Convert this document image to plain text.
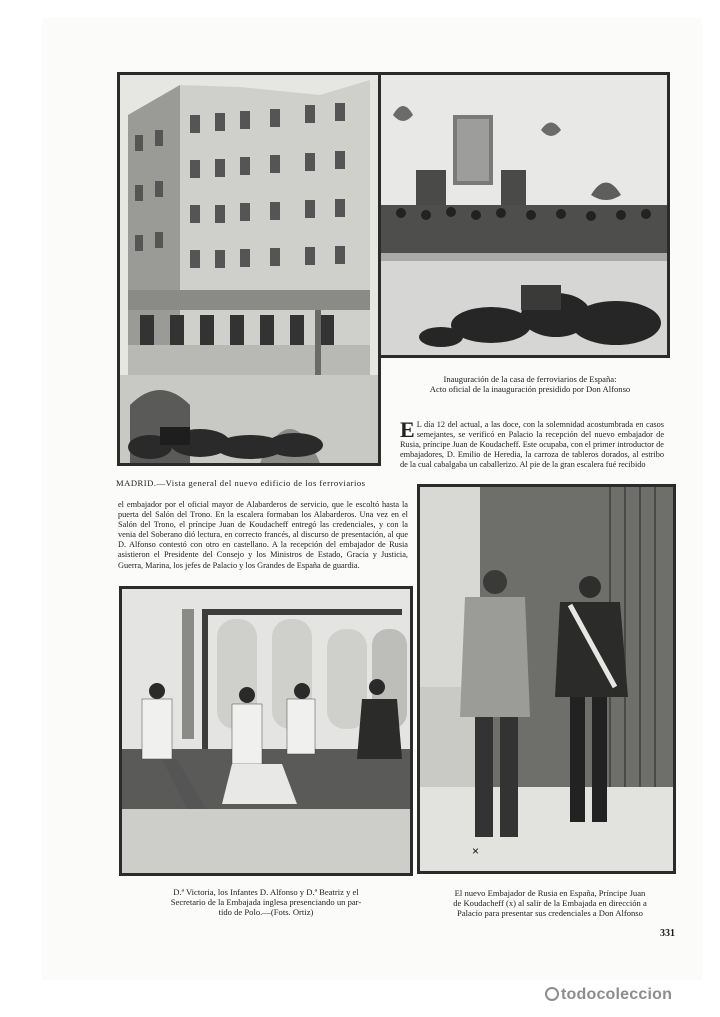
MADRID.—Vista general del nuevo edificio de los ferroviarios

Inauguración de la casa de ferroviarios de España:
Acto oficial de la inauguración presidido por Don Alfonso

E L día 12 del actual, a las doce, con la solemnidad acostumbrada en casos semejantes, se verificó en Palacio la recepción del nuevo embajador de Rusia, príncipe Juan de Koudacheff. Este ocupaba, con el primer introductor de embajadores, D. Emilio de Heredia, la carroza de tableros dorados, al estribo de la cual cabalgaba un caballerizo. Al pie de la gran escalera fué recibido

el embajador por el oficial mayor de Alabarderos de servicio, que le escoltó hasta la puerta del Salón del Trono. En la escalera formaban los Alabarderos. Una vez en el Salón del Trono, el príncipe Juan de Koudacheff entregó las credenciales, y con la venia del Soberano dió lectura, en correcto francés, al discurso de presentación, al que D. Alfonso contestó con otro en castellano. A la recepción del embajador de Rusia asistieron el Presidente del Consejo y los Ministros de Estado, Gracia y Justicia, Guerra, Marina, los jefes de Palacio y los Grandes de España de guardia.

D.ª Victoria, los Infantes D. Alfonso y D.ª Beatriz y el
Secretario de la Embajada inglesa presenciando un par-
tido de Polo.—(Fots. Ortiz)

×

El nuevo Embajador de Rusia en España, Príncipe Juan
de Koudacheff (x) al salir de la Embajada en dirección a
Palacio para presentar sus credenciales a Don Alfonso

331
todocoleccion
